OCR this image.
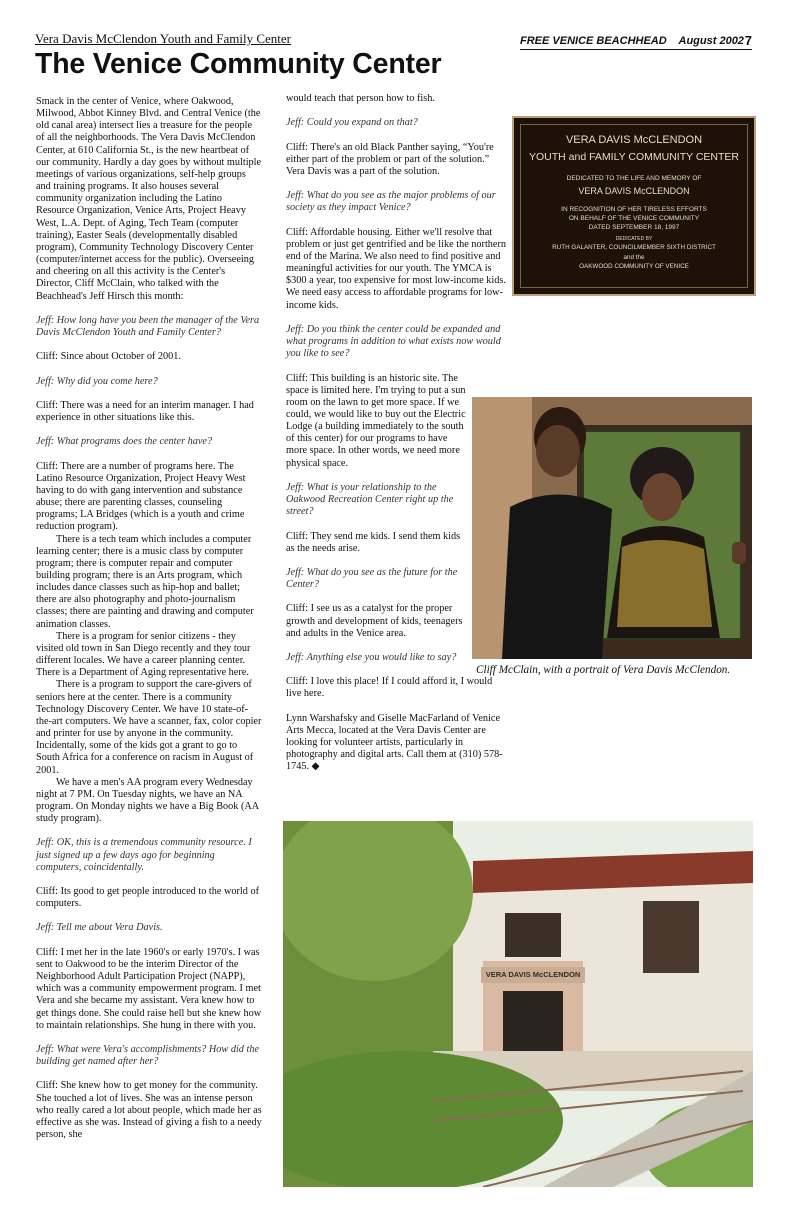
Vera Davis McClendon Youth and Family Center	FREE VENICE BEACHHEAD August 2002 7
The Venice Community Center

Smack in the center of Venice, where Oakwood, Milwood, Abbot Kinney Blvd. and Central Venice (the old canal area) intersect lies a treasure for the people of all the neighborhoods. The Vera Davis McClendon Center, at 610 California St., is the new heartbeat of our community. Hardly a day goes by without multiple meetings of various organizations, self-help groups and training programs. It also houses several community organization including the Latino Resource Organization, Venice Arts, Project Heavy West, L.A. Dept. of Aging, Tech Team (computer training), Easter Seals (developmentally disabled program), Community Technology Discovery Center (computer/internet access for the public). Overseeing and cheering on all this activity is the Center's Director, Cliff McClain, who talked with the Beachhead's Jeff Hirsch this month:

Jeff: How long have you been the manager of the Vera Davis McClendon Youth and Family Center?

Cliff: Since about October of 2001.

Jeff: Why did you come here?

Cliff: There was a need for an interim manager. I had experience in other situations like this.

Jeff: What programs does the center have?

Cliff: There are a number of programs here. The Latino Resource Organization, Project Heavy West having to do with gang intervention and substance abuse; there are parenting classes, counseling programs; LA Bridges (which is a youth and crime reduction program).

There is a tech team which includes a computer learning center; there is a music class by computer program; there is computer repair and computer building program; there is an Arts program, which includes dance classes such as hip-hop and ballet; there are also photography and photo-journalism classes; there are painting and drawing and computer animation classes.

There is a program for senior citizens - they visited old town in San Diego recently and they tour different locales. We have a career planning center. There is a Department of Aging representative here.

There is a program to support the care-givers of seniors here at the center. There is a community Technology Discovery Center. We have 10 state-of-the-art computers. We have a scanner, fax, color copier and printer for use by anyone in the community. Incidentally, some of the kids got a grant to go to South Africa for a conference on racism in August of 2001.

We have a men's AA program every Wednesday night at 7 PM. On Tuesday nights, we have an NA program. On Monday nights we have a Big Book (AA study program).

Jeff: OK, this is a tremendous community resource. I just signed up a few days ago for beginning computers, coincidentally.

Cliff: Its good to get people introduced to the world of computers.

Jeff: Tell me about Vera Davis.

Cliff: I met her in the late 1960's or early 1970's. I was sent to Oakwood to be the interim Director of the Neighborhood Adult Participation Project (NAPP), which was a community empowerment program. I met Vera and she became my assistant. Vera knew how to get things done. She could raise hell but she knew how to maintain relationships. She hung in there with you.

Jeff: What were Vera's accomplishments? How did the building get named after her?

Cliff: She knew how to get money for the community. She touched a lot of lives. She was an intense person who really cared a lot about people, which made her as effective as she was. Instead of giving a fish to a needy person, she

would teach that person how to fish.

Jeff: Could you expand on that?

Cliff: There's an old Black Panther saying, “You're either part of the problem or part of the solution.” Vera Davis was a part of the solution.

Jeff: What do you see as the major problems of our society as they impact Venice?

Cliff: Affordable housing. Either we'll resolve that problem or just get gentrified and be like the northern end of the Marina. We also need to find positive and meaningful activities for our youth. The YMCA is $300 a year, too expensive for most low-income kids. We need easy access to affordable programs for low-income kids.

Jeff: Do you think the center could be expanded and what programs in addition to what exists now would you like to see?

Cliff: This building is an historic site. The space is limited here. I'm trying to put a sun room on the lawn to get more space. If we could, we would like to buy out the Electric Lodge (a building immediately to the south of this center) for our programs to have more space. In other words, we need more physical space.

Jeff: What is your relationship to the Oakwood Recreation Center right up the street?

Cliff: They send me kids. I send them kids as the needs arise.

Jeff: What do you see as the future for the Center?

Cliff: I see us as a catalyst for the proper growth and development of kids, teenagers and adults in the Venice area.

Jeff: Anything else you would like to say?

Cliff: I love this place! If I could afford it, I would live here.

Lynn Warshafsky and Giselle MacFarland of Venice Arts Mecca, located at the Vera Davis Center are looking for volunteer artists, particularly in photography and digital arts. Call them at (310) 578-1745. ◆

VERA DAVIS McCLENDON
YOUTH and FAMILY COMMUNITY CENTER
DEDICATED TO THE LIFE AND MEMORY OF
VERA DAVIS McCLENDON
IN RECOGNITION OF HER TIRELESS EFFORTS
ON BEHALF OF THE VENICE COMMUNITY
DATED SEPTEMBER 18, 1997
DEDICATED BY
RUTH GALANTER, COUNCILMEMBER SIXTH DISTRICT
and the
OAKWOOD COMMUNITY OF VENICE
Cliff McClain, with a portrait of Vera Davis McClendon.
VERA DAVIS McCLENDON
